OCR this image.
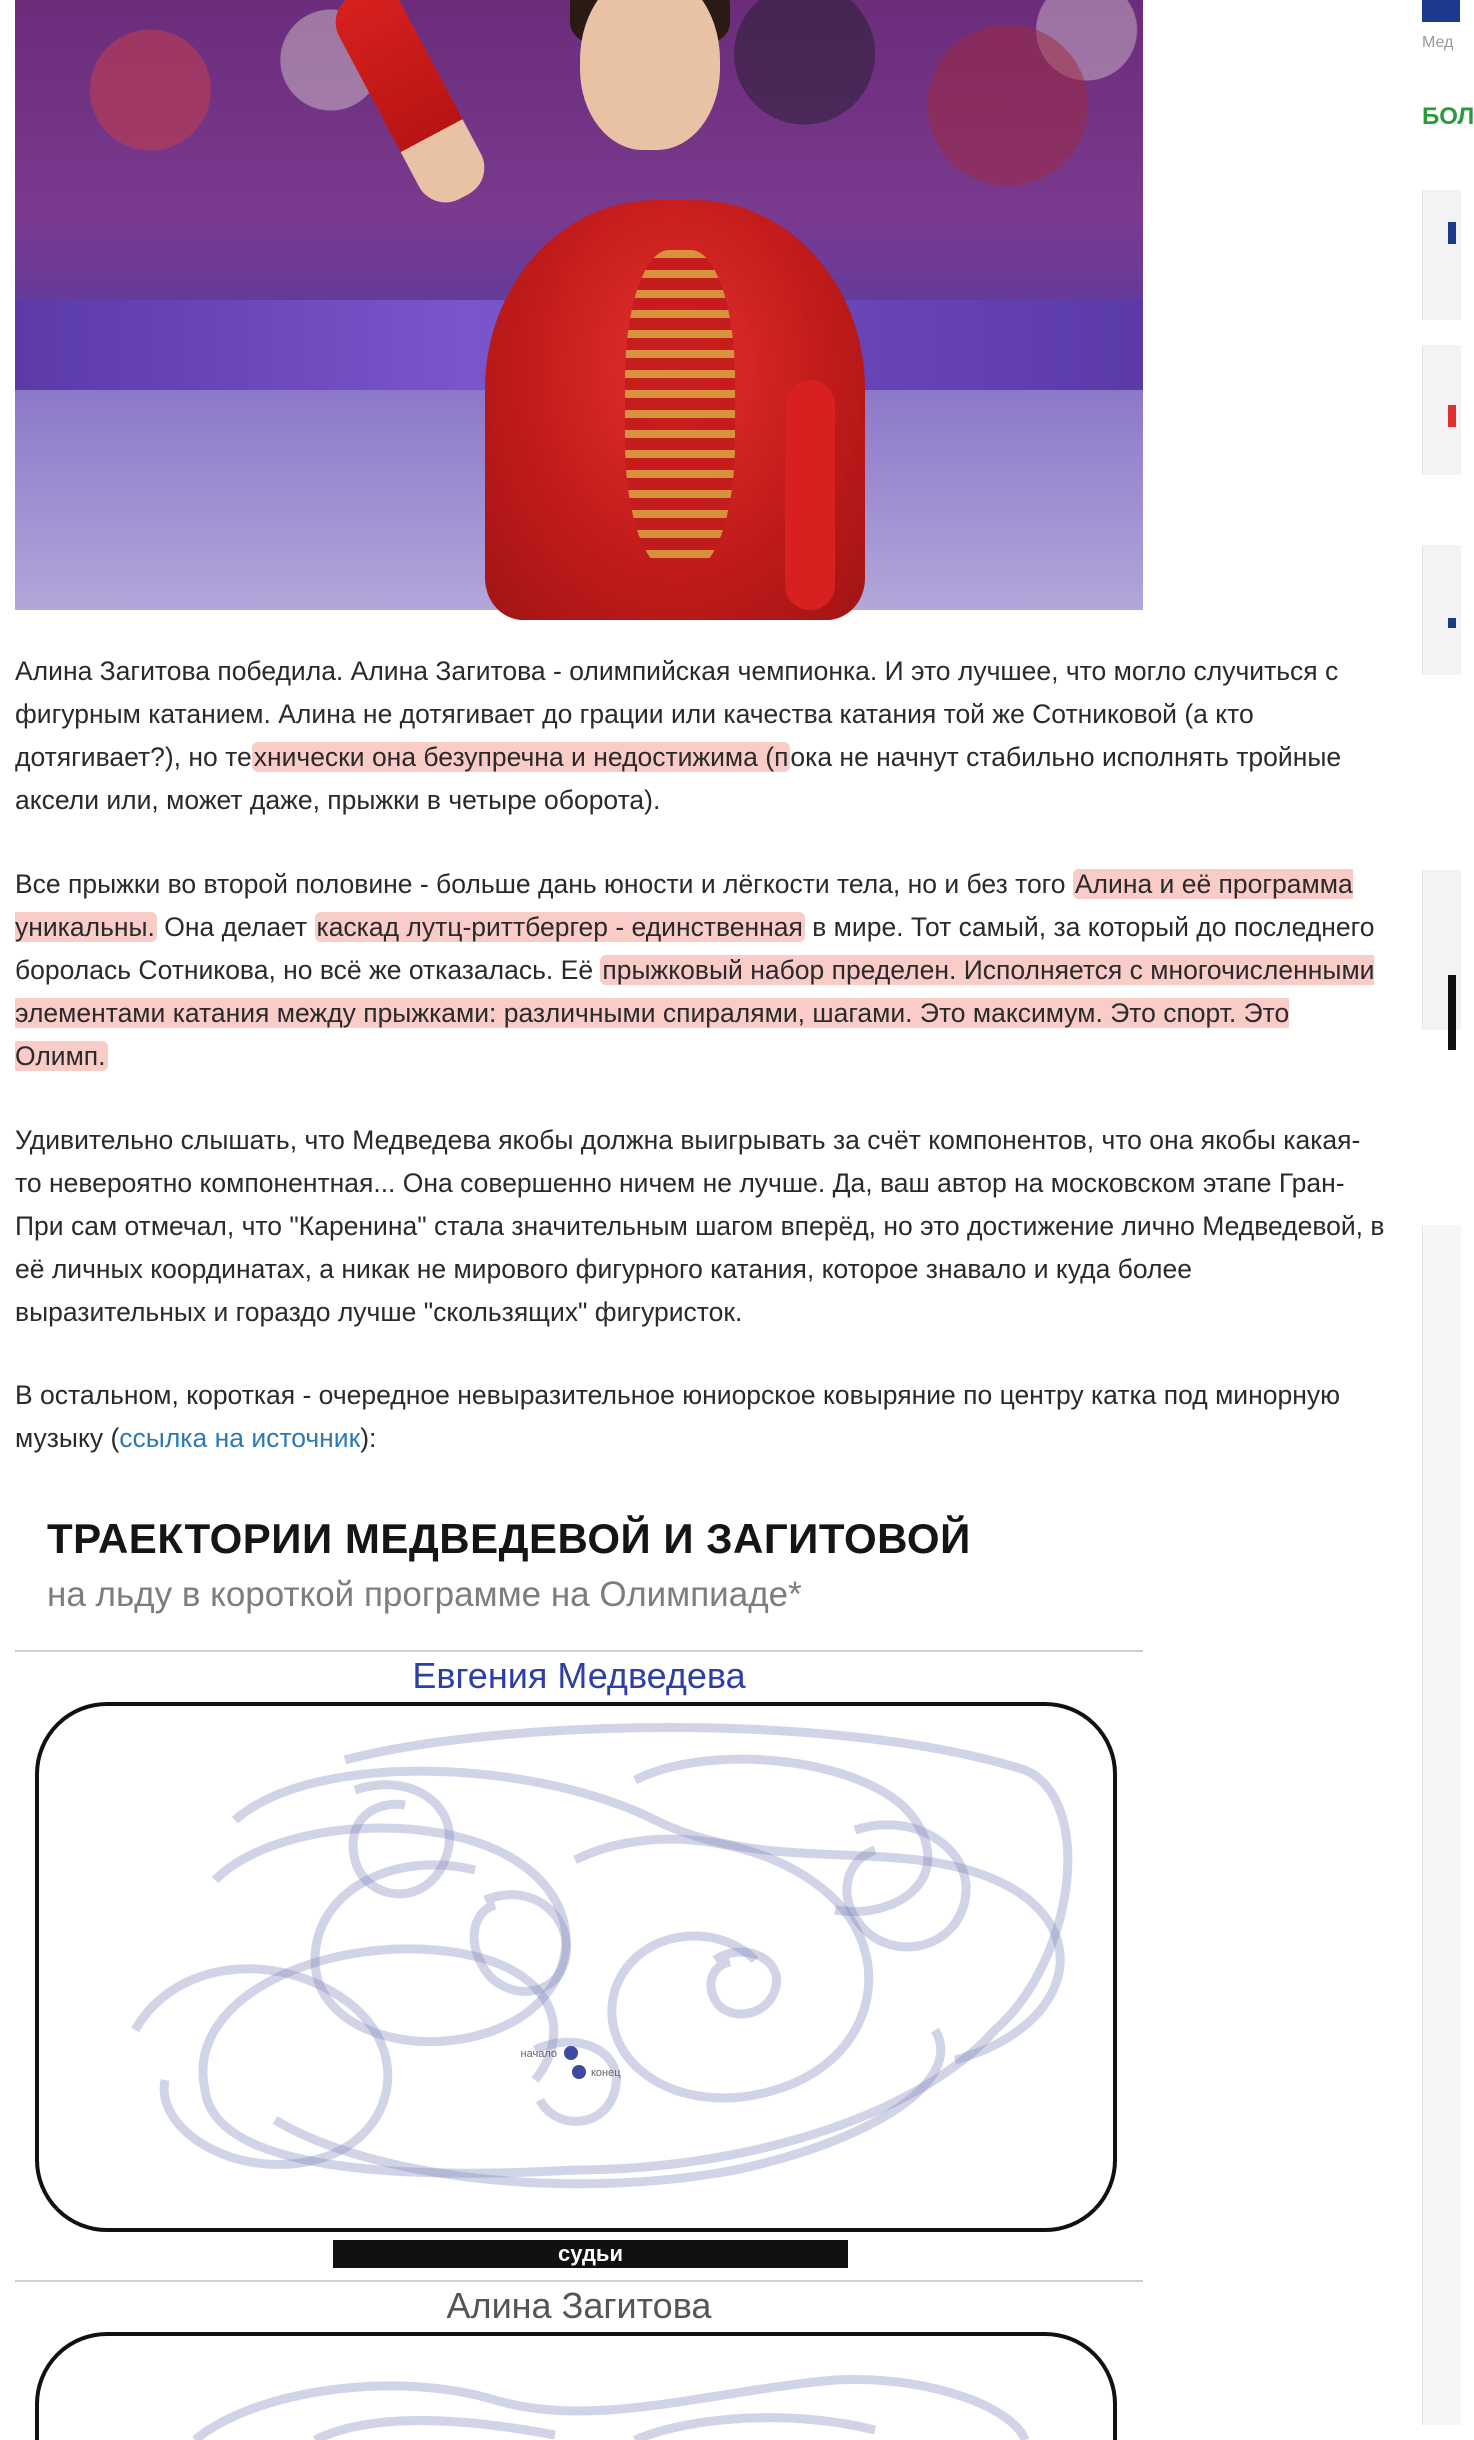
Алина Загитова победила. Алина Загитова - олимпийская чемпионка. И это лучшее, что могло случиться с фигурным катанием. Алина не дотягивает до грации или качества катания той же Сотниковой (а кто дотягивает?), но технически она безупречна и недостижима (пока не начнут стабильно исполнять тройные аксели или, может даже, прыжки в четыре оборота).

Все прыжки во второй половине - больше дань юности и лёгкости тела, но и без того Алина и её программа уникальны. Она делает каскад лутц-риттбергер - единственная в мире. Тот самый, за который до последнего боролась Сотникова, но всё же отказалась. Её прыжковый набор пределен. Исполняется с многочисленными элементами катания между прыжками: различными спиралями, шагами. Это максимум. Это спорт. Это Олимп.

Удивительно слышать, что Медведева якобы должна выигрывать за счёт компонентов, что она якобы какая-то невероятно компонентная... Она совершенно ничем не лучше. Да, ваш автор на московском этапе Гран-При сам отмечал, что "Каренина" стала значительным шагом вперёд, но это достижение лично Медведевой, в её личных координатах, а никак не мирового фигурного катания, которое знавало и куда более выразительных и гораздо лучше "скользящих" фигуристок.

В остальном, короткая - очередное невыразительное юниорское ковыряние по центру катка под минорную музыку (ссылка на источник):

ТРАЕКТОРИИ МЕДВЕДЕВОЙ И ЗАГИТОВОЙ
на льду в короткой программе на Олимпиаде*
Евгения Медведева
начало
конец
судьи
Алина Загитова
Мед
БОЛ
